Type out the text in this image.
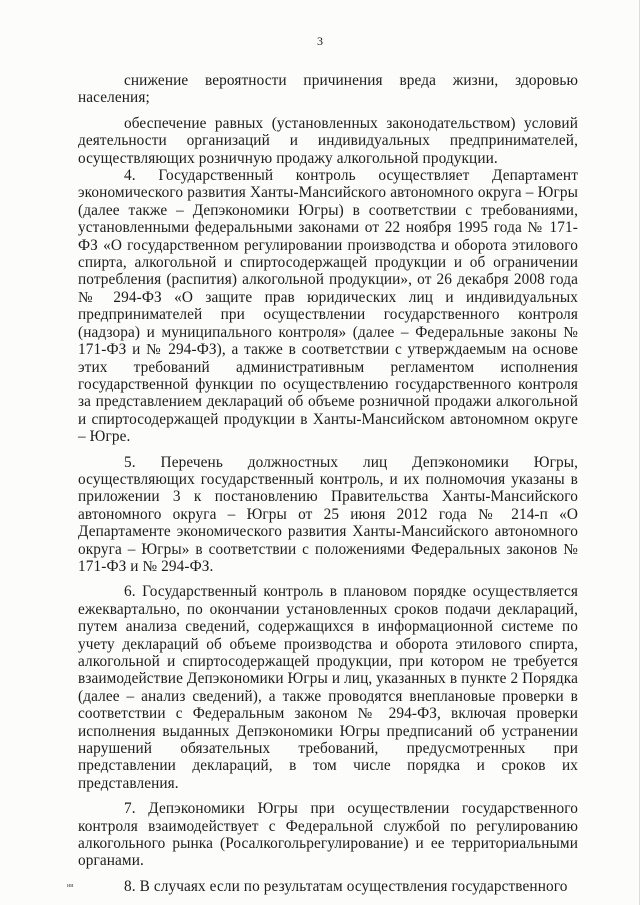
3

снижение вероятности причинения вреда жизни, здоровью населения;

обеспечение равных (установленных законодательством) условий деятельности организаций и индивидуальных предпринимателей, осуществляющих розничную продажу алкогольной продукции.

4. Государственный контроль осуществляет Департамент экономического развития Ханты-Мансийского автономного округа – Югры (далее также – Депэкономики Югры) в соответствии с требованиями, установленными федеральными законами от 22 ноября 1995 года № 171-ФЗ «О государственном регулировании производства и оборота этилового спирта, алкогольной и спиртосодержащей продукции и об ограничении потребления (распития) алкогольной продукции», от 26 декабря 2008 года № 294-ФЗ «О защите прав юридических лиц и индивидуальных предпринимателей при осуществлении государственного контроля (надзора) и муниципального контроля» (далее – Федеральные законы № 171-ФЗ и № 294-ФЗ), а также в соответствии с утверждаемым на основе этих требований административным регламентом исполнения государственной функции по осуществлению государственного контроля за представлением деклараций об объеме розничной продажи алкогольной и спиртосодержащей продукции в Ханты-Мансийском автономном округе – Югре.

5. Перечень должностных лиц Депэкономики Югры, осуществляющих государственный контроль, и их полномочия указаны в приложении 3 к постановлению Правительства Ханты-Мансийского автономного округа – Югры от 25 июня 2012 года № 214-п «О Департаменте экономического развития Ханты-Мансийского автономного округа – Югры» в соответствии с положениями Федеральных законов № 171-ФЗ и № 294-ФЗ.

6. Государственный контроль в плановом порядке осуществляется ежеквартально, по окончании установленных сроков подачи деклараций, путем анализа сведений, содержащихся в информационной системе по учету деклараций об объеме производства и оборота этилового спирта, алкогольной и спиртосодержащей продукции, при котором не требуется взаимодействие Депэкономики Югры и лиц, указанных в пункте 2 Порядка (далее – анализ сведений), а также проводятся внеплановые проверки в соответствии с Федеральным законом № 294-ФЗ, включая проверки исполнения выданных Депэкономики Югры предписаний об устранении нарушений обязательных требований, предусмотренных при представлении деклараций, в том числе порядка и сроков их представления.

7. Депэкономики Югры при осуществлении государственного контроля взаимодействует с Федеральной службой по регулированию алкогольного рынка (Росалкогольрегулирование) и ее территориальными органами.

8. В случаях если по результатам осуществления государственного

ии
